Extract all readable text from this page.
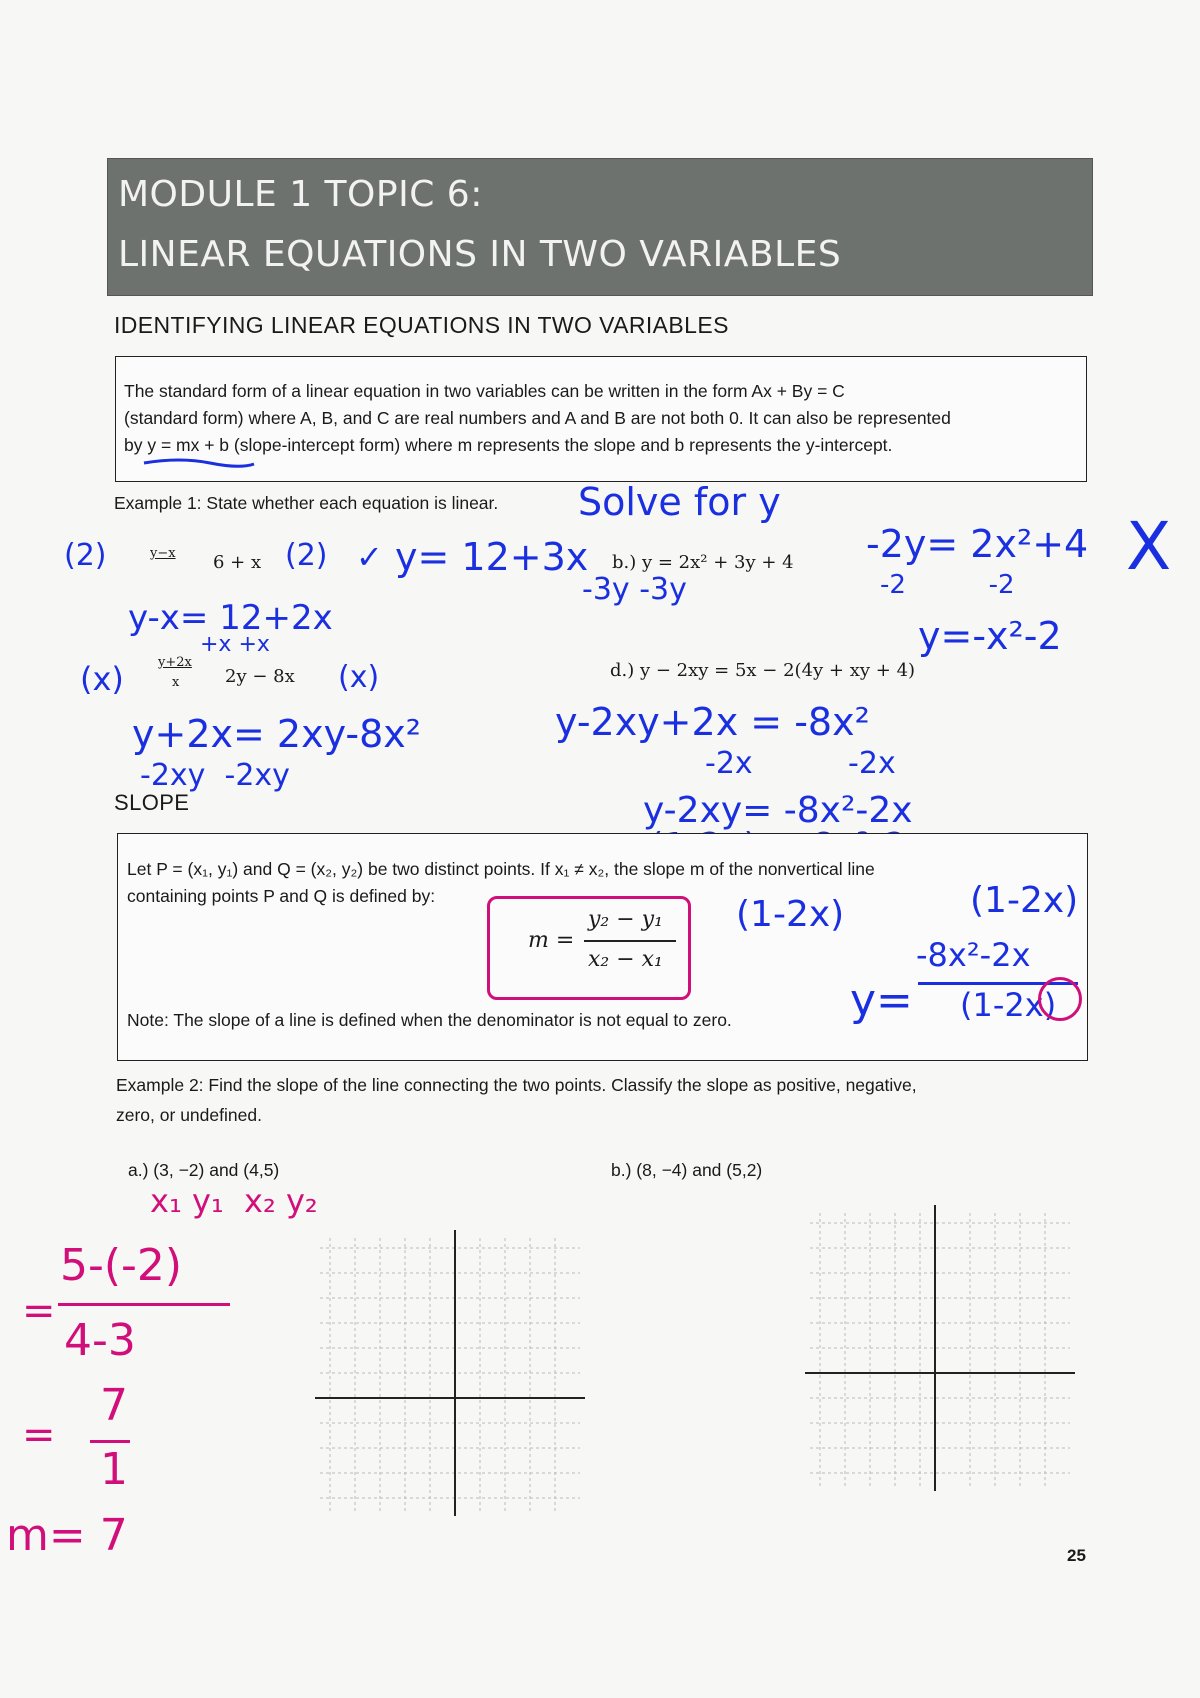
MODULE 1 TOPIC 6:
LINEAR EQUATIONS IN TWO VARIABLES
IDENTIFYING LINEAR EQUATIONS IN TWO VARIABLES
The standard form of a linear equation in two variables can be written in the form Ax + By = C
(standard form) where A, B, and C are real numbers and A and B are not both 0. It can also be represented
by y = mx + b (slope-intercept form) where m represents the slope and b represents the y-intercept.
Example 1: State whether each equation is linear. Solve for y
(2)	y−x 6 + x (2) ✓ y= 12+3x
y-x= 12+2x
+x +x
b.) y = 2x² + 3y + 4
-3y -3y
-2y= 2x²+4
-2          -2 X
y=-x²-2
(x)	y+2x
x	2y − 8x (x)
y+2x= 2xy-8x²
-2xy  -2xy
d.) y − 2xy = 5x − 2(4y + xy + 4)
y-2xy+2x = -8x²
-2x          -2x
y-2xy= -8x²-2x
SLOPE
Let P = (x₁, y₁) and Q = (x₂, y₂) be two distinct points. If x₁ ≠ x₂, the slope m of the nonvertical line
containing points P and Q is defined by:
m =
y₂ − y₁
x₂ − x₁
Note: The slope of a line is defined when the denominator is not equal to zero.
(1-2x)	(1-2x)
y=
-8x²-2x
(1-2x)
Example 2: Find the slope of the line connecting the two points. Classify the slope as positive, negative,
zero, or undefined.
a.) (3, −2) and (4,5)	b.) (8, −4) and (5,2)
x₁ y₁  x₂ y₂
5-(-2)
=
4-3
=
7
1
m= 7	25
